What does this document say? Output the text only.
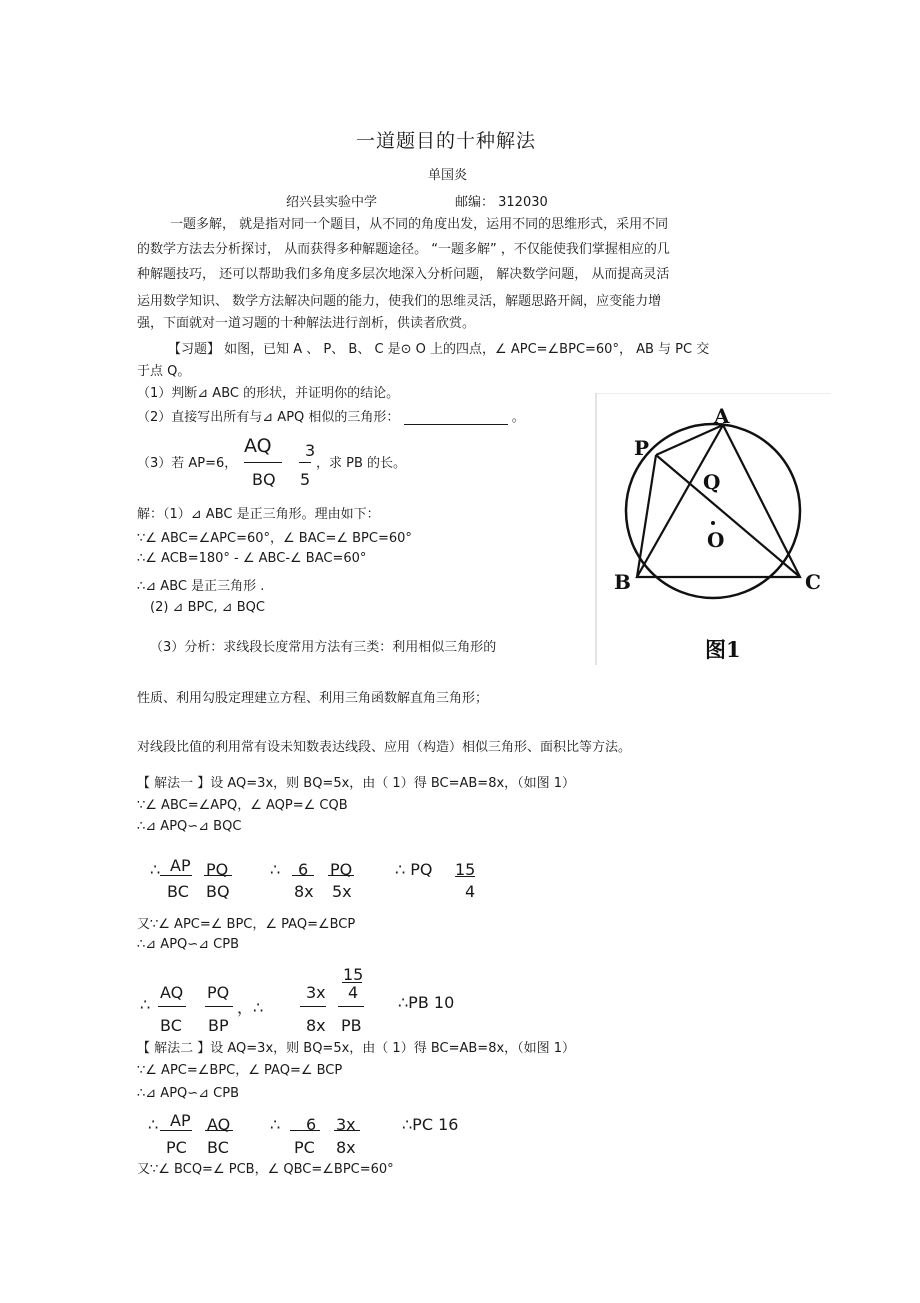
一道题目的十种解法
单国炎
绍兴县实验中学	邮编： 312030
一题多解， 就是指对同一个题目，从不同的角度出发，运用不同的思维形式，采用不同
的数学方法去分析探讨， 从而获得多种解题途径。 “一题多解” ，不仅能使我们掌握相应的几
种解题技巧， 还可以帮助我们多角度多层次地深入分析问题， 解决数学问题， 从而提高灵活
运用数学知识、 数学方法解决问题的能力，使我们的思维灵活，解题思路开阔，应变能力增
强，下面就对一道习题的十种解法进行剖析，供读者欣赏。
【习题】 如图，已知 A 、 P、 B、 C 是⊙ O 上的四点，∠ APC=∠BPC=60°， AB 与 PC 交
于点 Q。
（1）判断⊿ ABC 的形状，并证明你的结论。
（2）直接写出所有与⊿ APQ 相似的三角形：	。
（3）若 AP=6，
AQ
BQ
3
5
，求 PB 的长。
解：（1）⊿ ABC 是正三角形。理由如下：
∵∠ ABC=∠APC=60°，∠ BAC=∠ BPC=60°
∴∠ ACB=180° - ∠ ABC-∠ BAC=60°
∴⊿ ABC 是正三角形 .
(2) ⊿ BPC, ⊿ BQC
（3）分析：求线段长度常用方法有三类：利用相似三角形的
性质、利用勾股定理建立方程、利用三角函数解直角三角形；
对线段比值的利用常有设未知数表达线段、应用（构造）相似三角形、面积比等方法。
【 解法一 】设 AQ=3x，则 BQ=5x，由（ 1）得 BC=AB=8x，（如图 1）
∵∠ ABC=∠APQ，∠ AQP=∠ CQB
∴⊿ APQ∽⊿ BQC
∴ AP
BC
PQ
BQ
∴ 6
8x
PQ
5x
∴ PQ 15
4
又∵∠ APC=∠ BPC，∠ PAQ=∠BCP
∴⊿ APQ∽⊿ CPB
∴
AQ
BC
PQ
BP
，∴
3x
8x
15
4
PB
∴PB 10
【 解法二 】设 AQ=3x，则 BQ=5x，由（ 1）得 BC=AB=8x，（如图 1）
∵∠ APC=∠BPC，∠ PAQ=∠ BCP
∴⊿ APQ∽⊿ CPB
∴ AP
PC
AQ
BC
∴ 6
PC
3x
8x
∴PC 16
又∵∠ BCQ=∠ PCB，∠ QBC=∠BPC=60°
A
P
Q
O
B	C
图1
